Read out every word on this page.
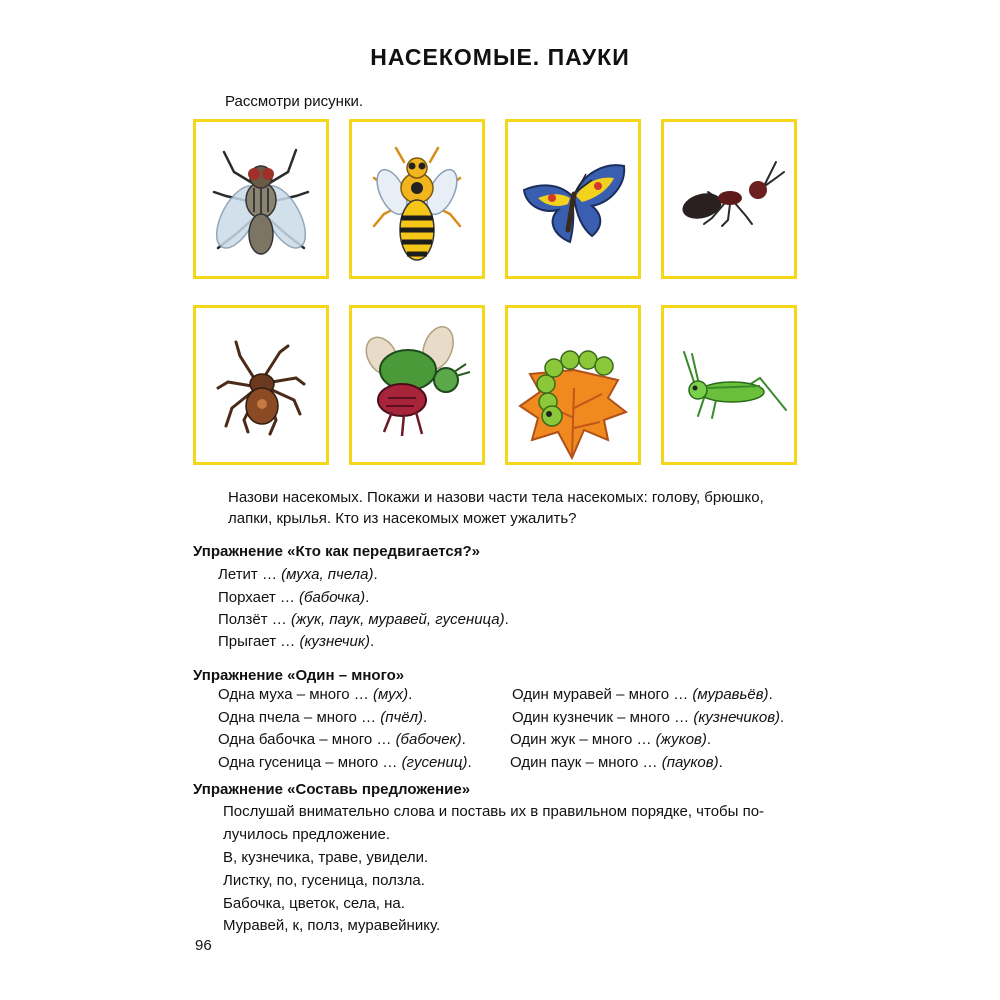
НАСЕКОМЫЕ. ПАУКИ
Рассмотри рисунки.
Назови насекомых. Покажи и назови части тела насекомых: голову, брюшко,
лапки, крылья. Кто из насекомых может ужалить?
Упражнение «Кто как передвигается?»
Летит … (муха, пчела).
Порхает … (бабочка).
Ползёт … (жук, паук, муравей, гусеница).
Прыгает … (кузнечик).
Упражнение «Один – много»
Одна муха – много … (мух).
Одна пчела – много … (пчёл).
Одна бабочка – много … (бабочек).
Одна гусеница – много … (гусениц).
Один муравей – много … (муравьёв).
Один кузнечик – много … (кузнечиков).
Один жук – много … (жуков).
Один паук – много … (пауков).
Упражнение «Составь предложение»
Послушай внимательно слова и поставь их в правильном порядке, чтобы по-
лучилось предложение.
В, кузнечика, траве, увидели.
Листку, по, гусеница, ползла.
Бабочка, цветок, села, на.
Муравей, к, полз, муравейнику.
96
